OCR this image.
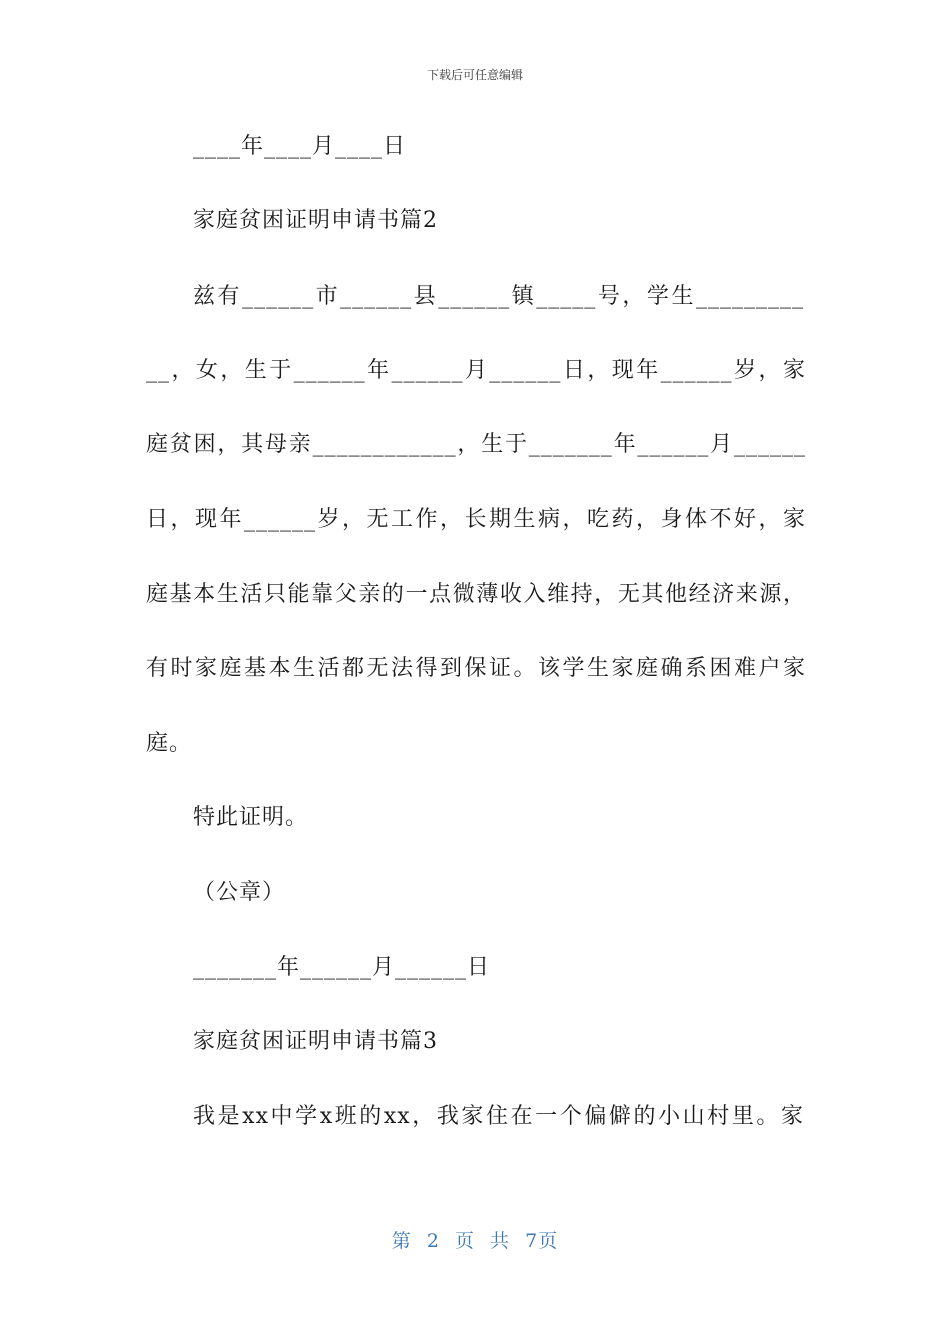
下载后可任意编辑
____年____月____日
家庭贫困证明申请书篇2
兹有______市______县______镇_____号，学生_________
__，女，生于______年______月______日，现年______岁，家
庭贫困，其母亲____________，生于_______年______月______
日，现年______岁，无工作，长期生病，吃药，身体不好，家
庭基本生活只能靠父亲的一点微薄收入维持，无其他经济来源，
有时家庭基本生活都无法得到保证。该学生家庭确系困难户家
庭。
特此证明。
（公章）
_______年______月______日
家庭贫困证明申请书篇3
我是xx中学x班的xx，我家住在一个偏僻的小山村里。家
第 2 页 共 7页
